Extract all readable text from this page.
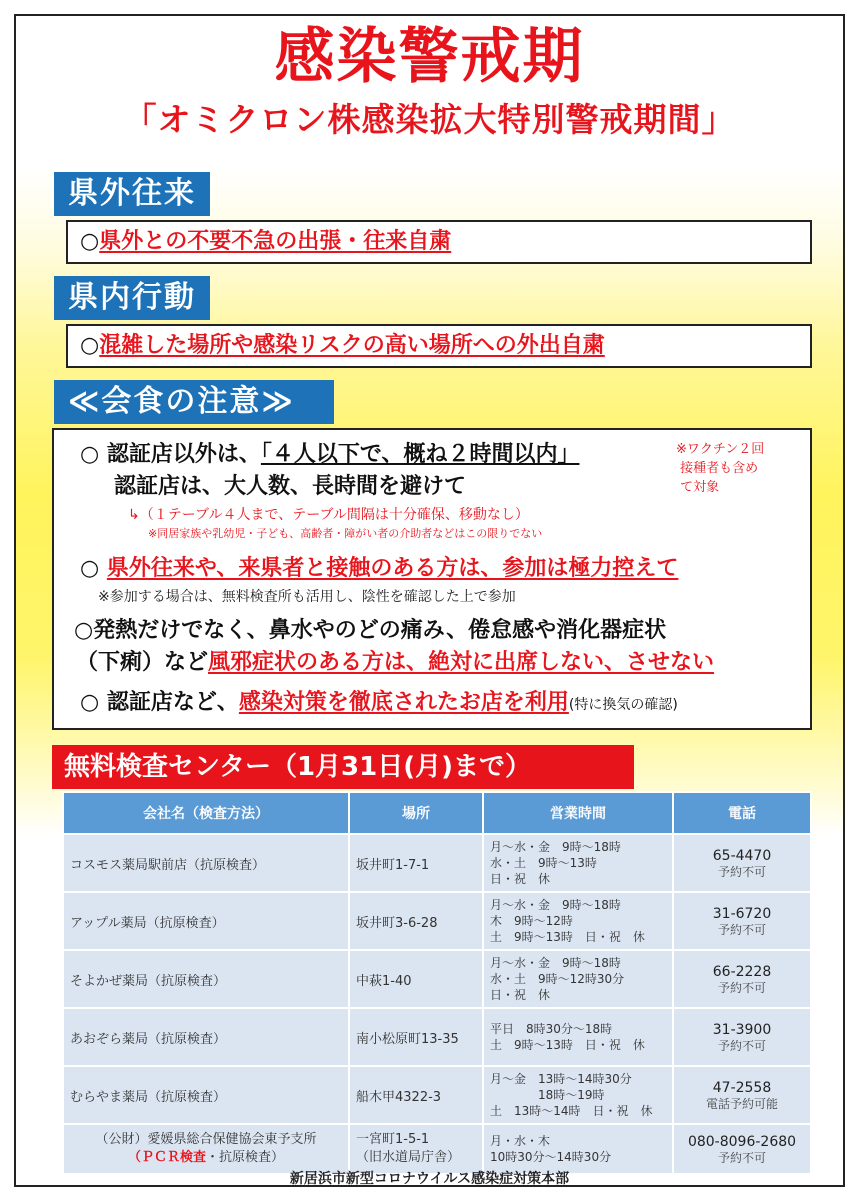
感染警戒期
「オミクロン株感染拡大特別警戒期間」
県外往来
○県外との不要不急の出張・往来自粛
県内行動
○混雑した場所や感染リスクの高い場所への外出自粛
≪会食の注意≫
○ 認証店以外は、「４人以下で、概ね２時間以内」
認証店は、大人数、長時間を避けて
↳（１テーブル４人まで、テーブル間隔は十分確保、移動なし）
※同居家族や乳幼児・子ども、高齢者・障がい者の介助者などはこの限りでない
※ワクチン２回
接種者も含め
て対象
○ 県外往来や、来県者と接触のある方は、参加は極力控えて
※参加する場合は、無料検査所も活用し、陰性を確認した上で参加
○発熱だけでなく、鼻水やのどの痛み、倦怠感や消化器症状
（下痢）など風邪症状のある方は、絶対に出席しない、させない
○ 認証店など、感染対策を徹底されたお店を利用(特に換気の確認)
無料検査センター（1月31日(月)まで）
会社名（検査方法）	場所	営業時間	電話
コスモス薬局駅前店（抗原検査）	坂井町1-7-1	月～水・金　9時～18時
水・土　9時～13時
日・祝　休	65-4470
予約不可

アップル薬局（抗原検査）	坂井町3-6-28	月～水・金　9時～18時
木　9時～12時
土　9時～13時　日・祝　休	31-6720
予約不可

そよかぜ薬局（抗原検査）	中萩1-40	月～水・金　9時～18時
水・土　9時～12時30分
日・祝　休	66-2228
予約不可

あおぞら薬局（抗原検査）	南小松原町13-35	平日　8時30分～18時
土　9時～13時　日・祝　休	31-3900
予約不可

むらやま薬局（抗原検査）	船木甲4322-3	月～金　13時～14時30分
　　　　18時～19時
土　13時～14時　日・祝　休	47-2558
電話予約可能

（公財）愛媛県総合保健協会東予支所
（ＰＣＲ検査・抗原検査）	一宮町1-5-1
（旧水道局庁舎）	月・水・木
10時30分～14時30分	080-8096-2680
予約不可
新居浜市新型コロナウイルス感染症対策本部
